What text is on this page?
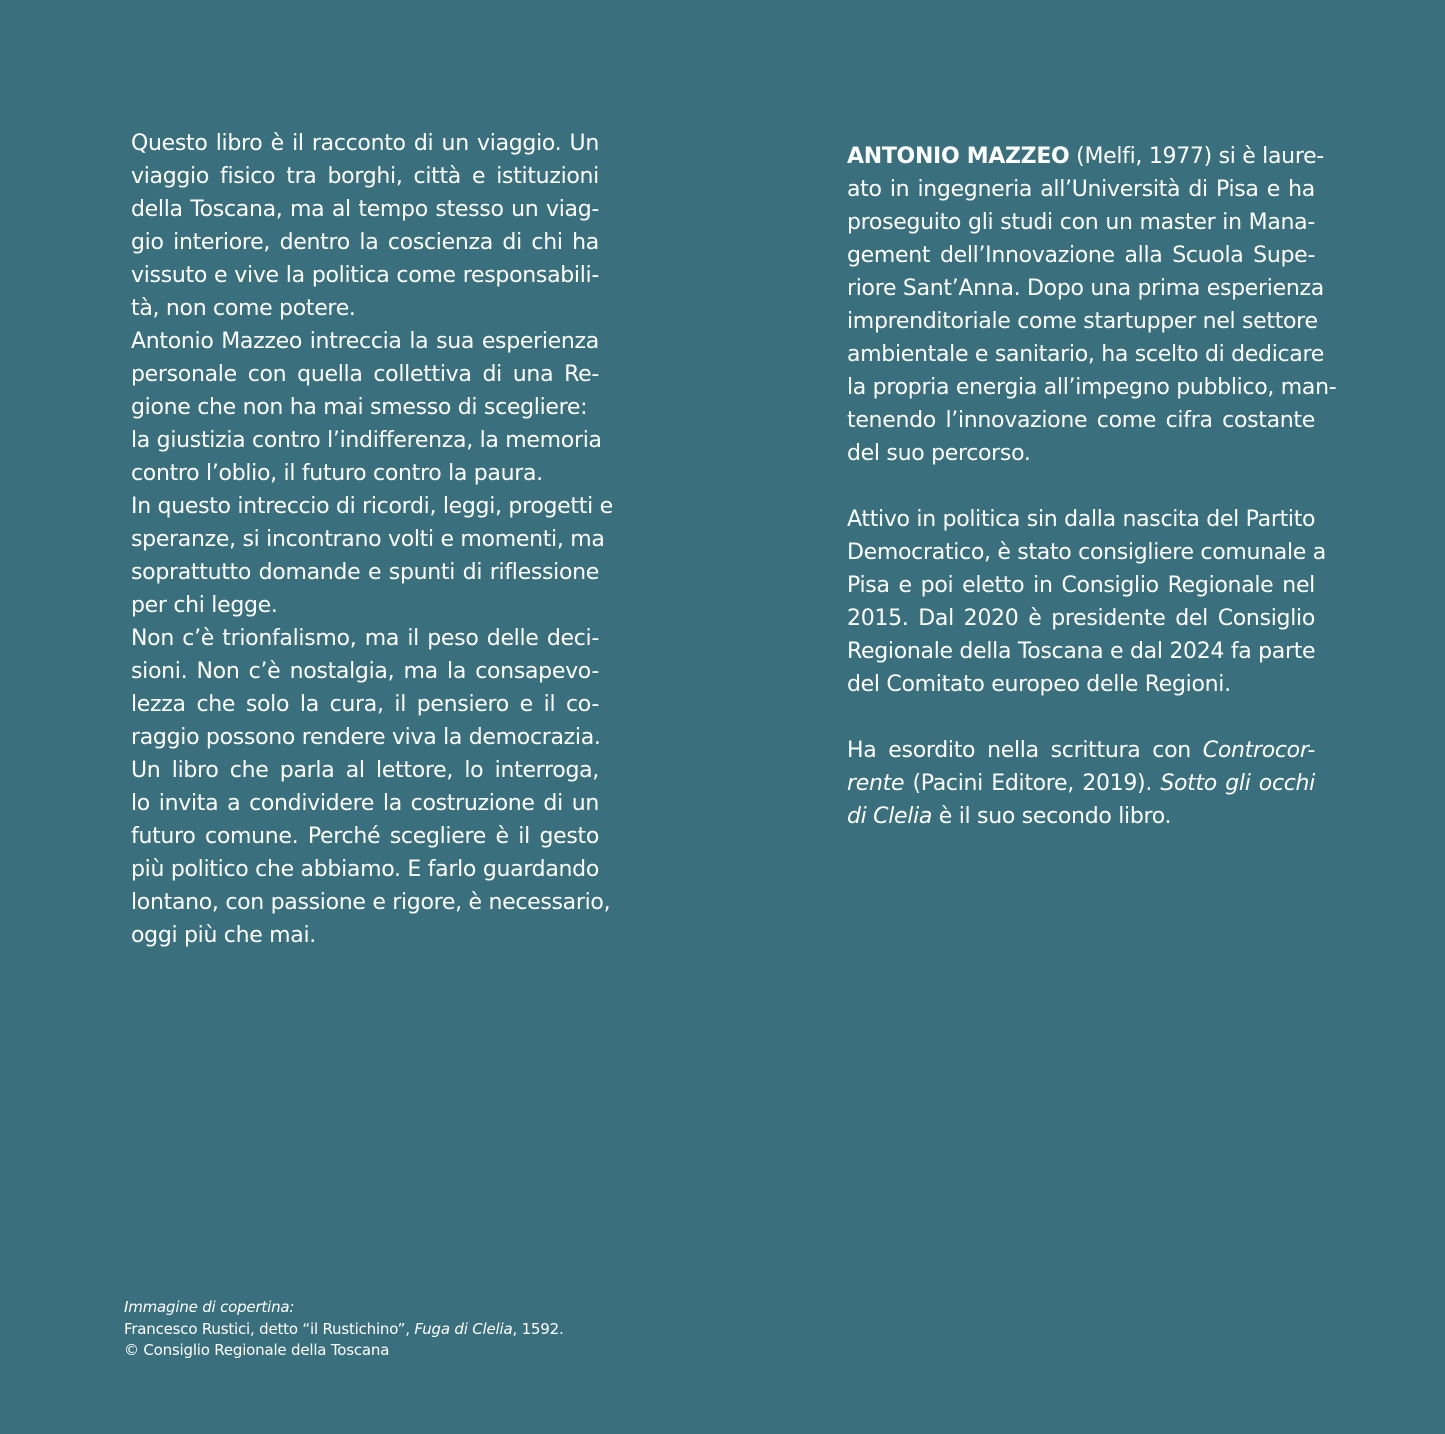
Questo libro è il racconto di un viaggio. Un
viaggio fisico tra borghi, città e istituzioni
della Toscana, ma al tempo stesso un viag-
gio interiore, dentro la coscienza di chi ha
vissuto e vive la politica come responsabili-
tà, non come potere.
Antonio Mazzeo intreccia la sua esperienza
personale con quella collettiva di una Re-
gione che non ha mai smesso di scegliere:
la giustizia contro l’indifferenza, la memoria
contro l’oblio, il futuro contro la paura.
In questo intreccio di ricordi, leggi, progetti e
speranze, si incontrano volti e momenti, ma
soprattutto domande e spunti di riflessione
per chi legge.
Non c’è trionfalismo, ma il peso delle deci-
sioni. Non c’è nostalgia, ma la consapevo-
lezza che solo la cura, il pensiero e il co-
raggio possono rendere viva la democrazia.
Un libro che parla al lettore, lo interroga,
lo invita a condividere la costruzione di un
futuro comune. Perché scegliere è il gesto
più politico che abbiamo. E farlo guardando
lontano, con passione e rigore, è necessario,
oggi più che mai.
ANTONIO MAZZEO (Melfi, 1977) si è laure-
ato in ingegneria all’Università di Pisa e ha
proseguito gli studi con un master in Mana-
gement dell’Innovazione alla Scuola Supe-
riore Sant’Anna. Dopo una prima esperienza
imprenditoriale come startupper nel settore
ambientale e sanitario, ha scelto di dedicare
la propria energia all’impegno pubblico, man-
tenendo l’innovazione come cifra costante
del suo percorso.
Attivo in politica sin dalla nascita del Partito
Democratico, è stato consigliere comunale a
Pisa e poi eletto in Consiglio Regionale nel
2015. Dal 2020 è presidente del Consiglio
Regionale della Toscana e dal 2024 fa parte
del Comitato europeo delle Regioni.
Ha esordito nella scrittura con Controcor-
rente (Pacini Editore, 2019). Sotto gli occhi
di Clelia è il suo secondo libro.
Immagine di copertina:
Francesco Rustici, detto “il Rustichino”, Fuga di Clelia, 1592.
© Consiglio Regionale della Toscana
